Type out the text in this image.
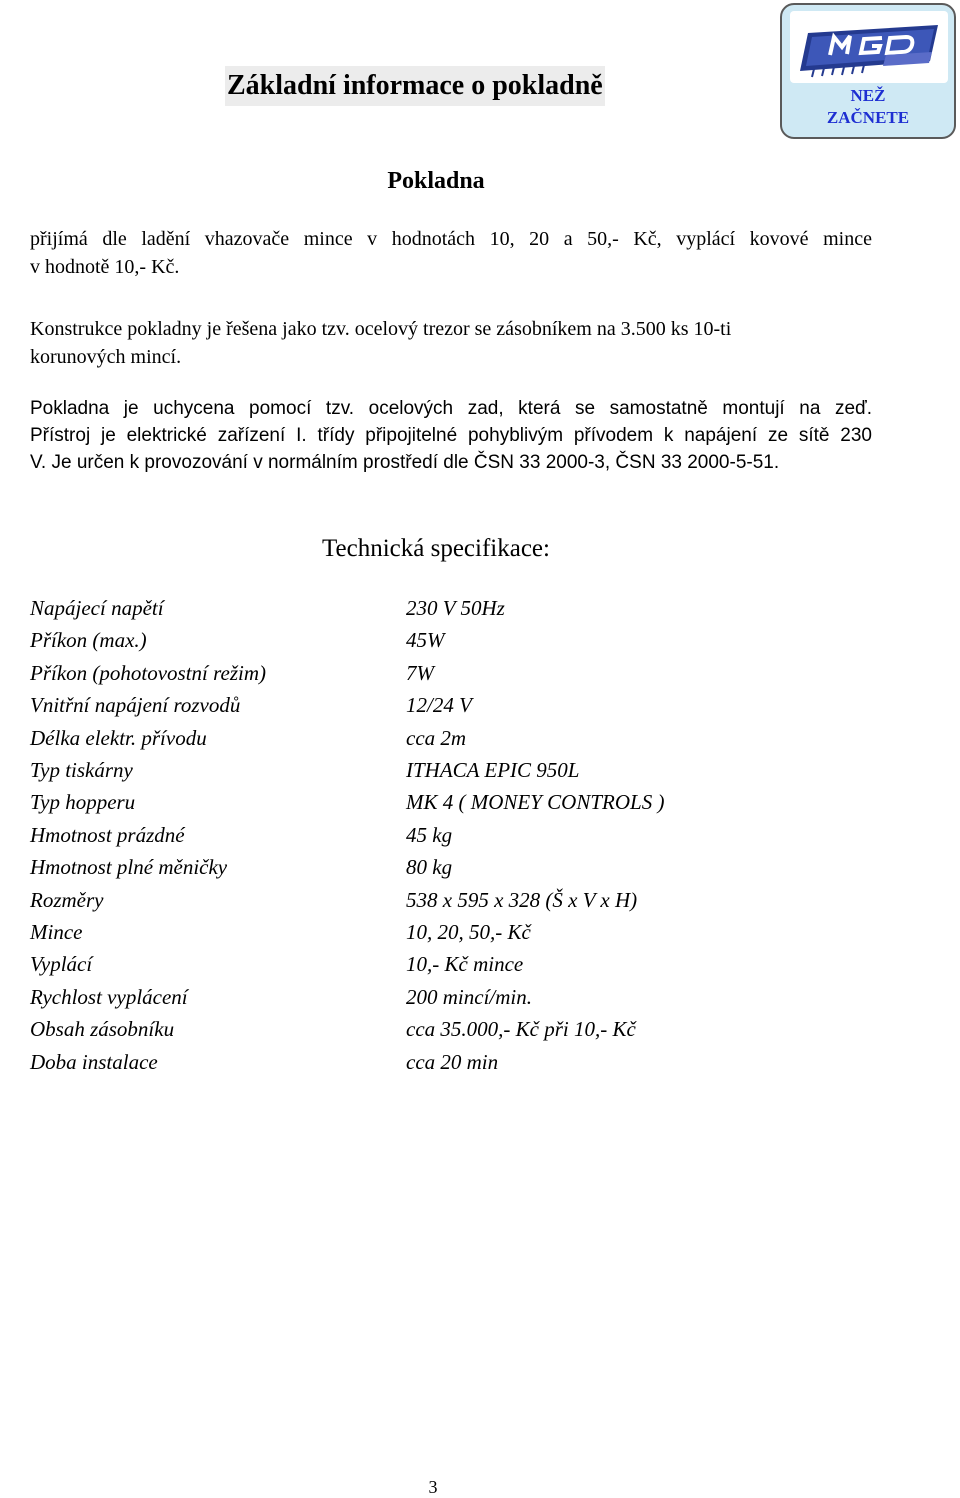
Základní informace o pokladně	NEŽ
ZAČNETE
Pokladna
přijímá dle ladění vhazovače mince v hodnotách 10, 20 a 50,- Kč, vyplácí kovové mince
v hodnotě 10,- Kč.
Konstrukce pokladny je řešena jako tzv. ocelový trezor se zásobníkem na 3.500 ks 10-ti
korunových mincí.
Pokladna je uchycena pomocí tzv. ocelových zad, která se samostatně montují na zeď.
Přístroj je elektrické zařízení I. třídy připojitelné pohyblivým přívodem k napájení ze sítě 230
V. Je určen k provozování v normálním prostředí dle ČSN 33 2000-3, ČSN 33 2000-5-51.
Technická specifikace:
Napájecí napětí	230 V 50Hz
Příkon (max.)	45W
Příkon (pohotovostní režim)	7W
Vnitřní napájení rozvodů	12/24 V
Délka elektr. přívodu	cca 2m
Typ tiskárny	ITHACA EPIC 950L
Typ hopperu	MK 4 ( MONEY CONTROLS )
Hmotnost prázdné	45 kg
Hmotnost plné měničky	80 kg
Rozměry	538 x 595 x 328 (Š x V x H)
Mince	10, 20, 50,- Kč
Vyplácí	10,- Kč mince
Rychlost vyplácení	200 mincí/min.
Obsah zásobníku	cca 35.000,- Kč při 10,- Kč
Doba instalace	cca 20 min
3
